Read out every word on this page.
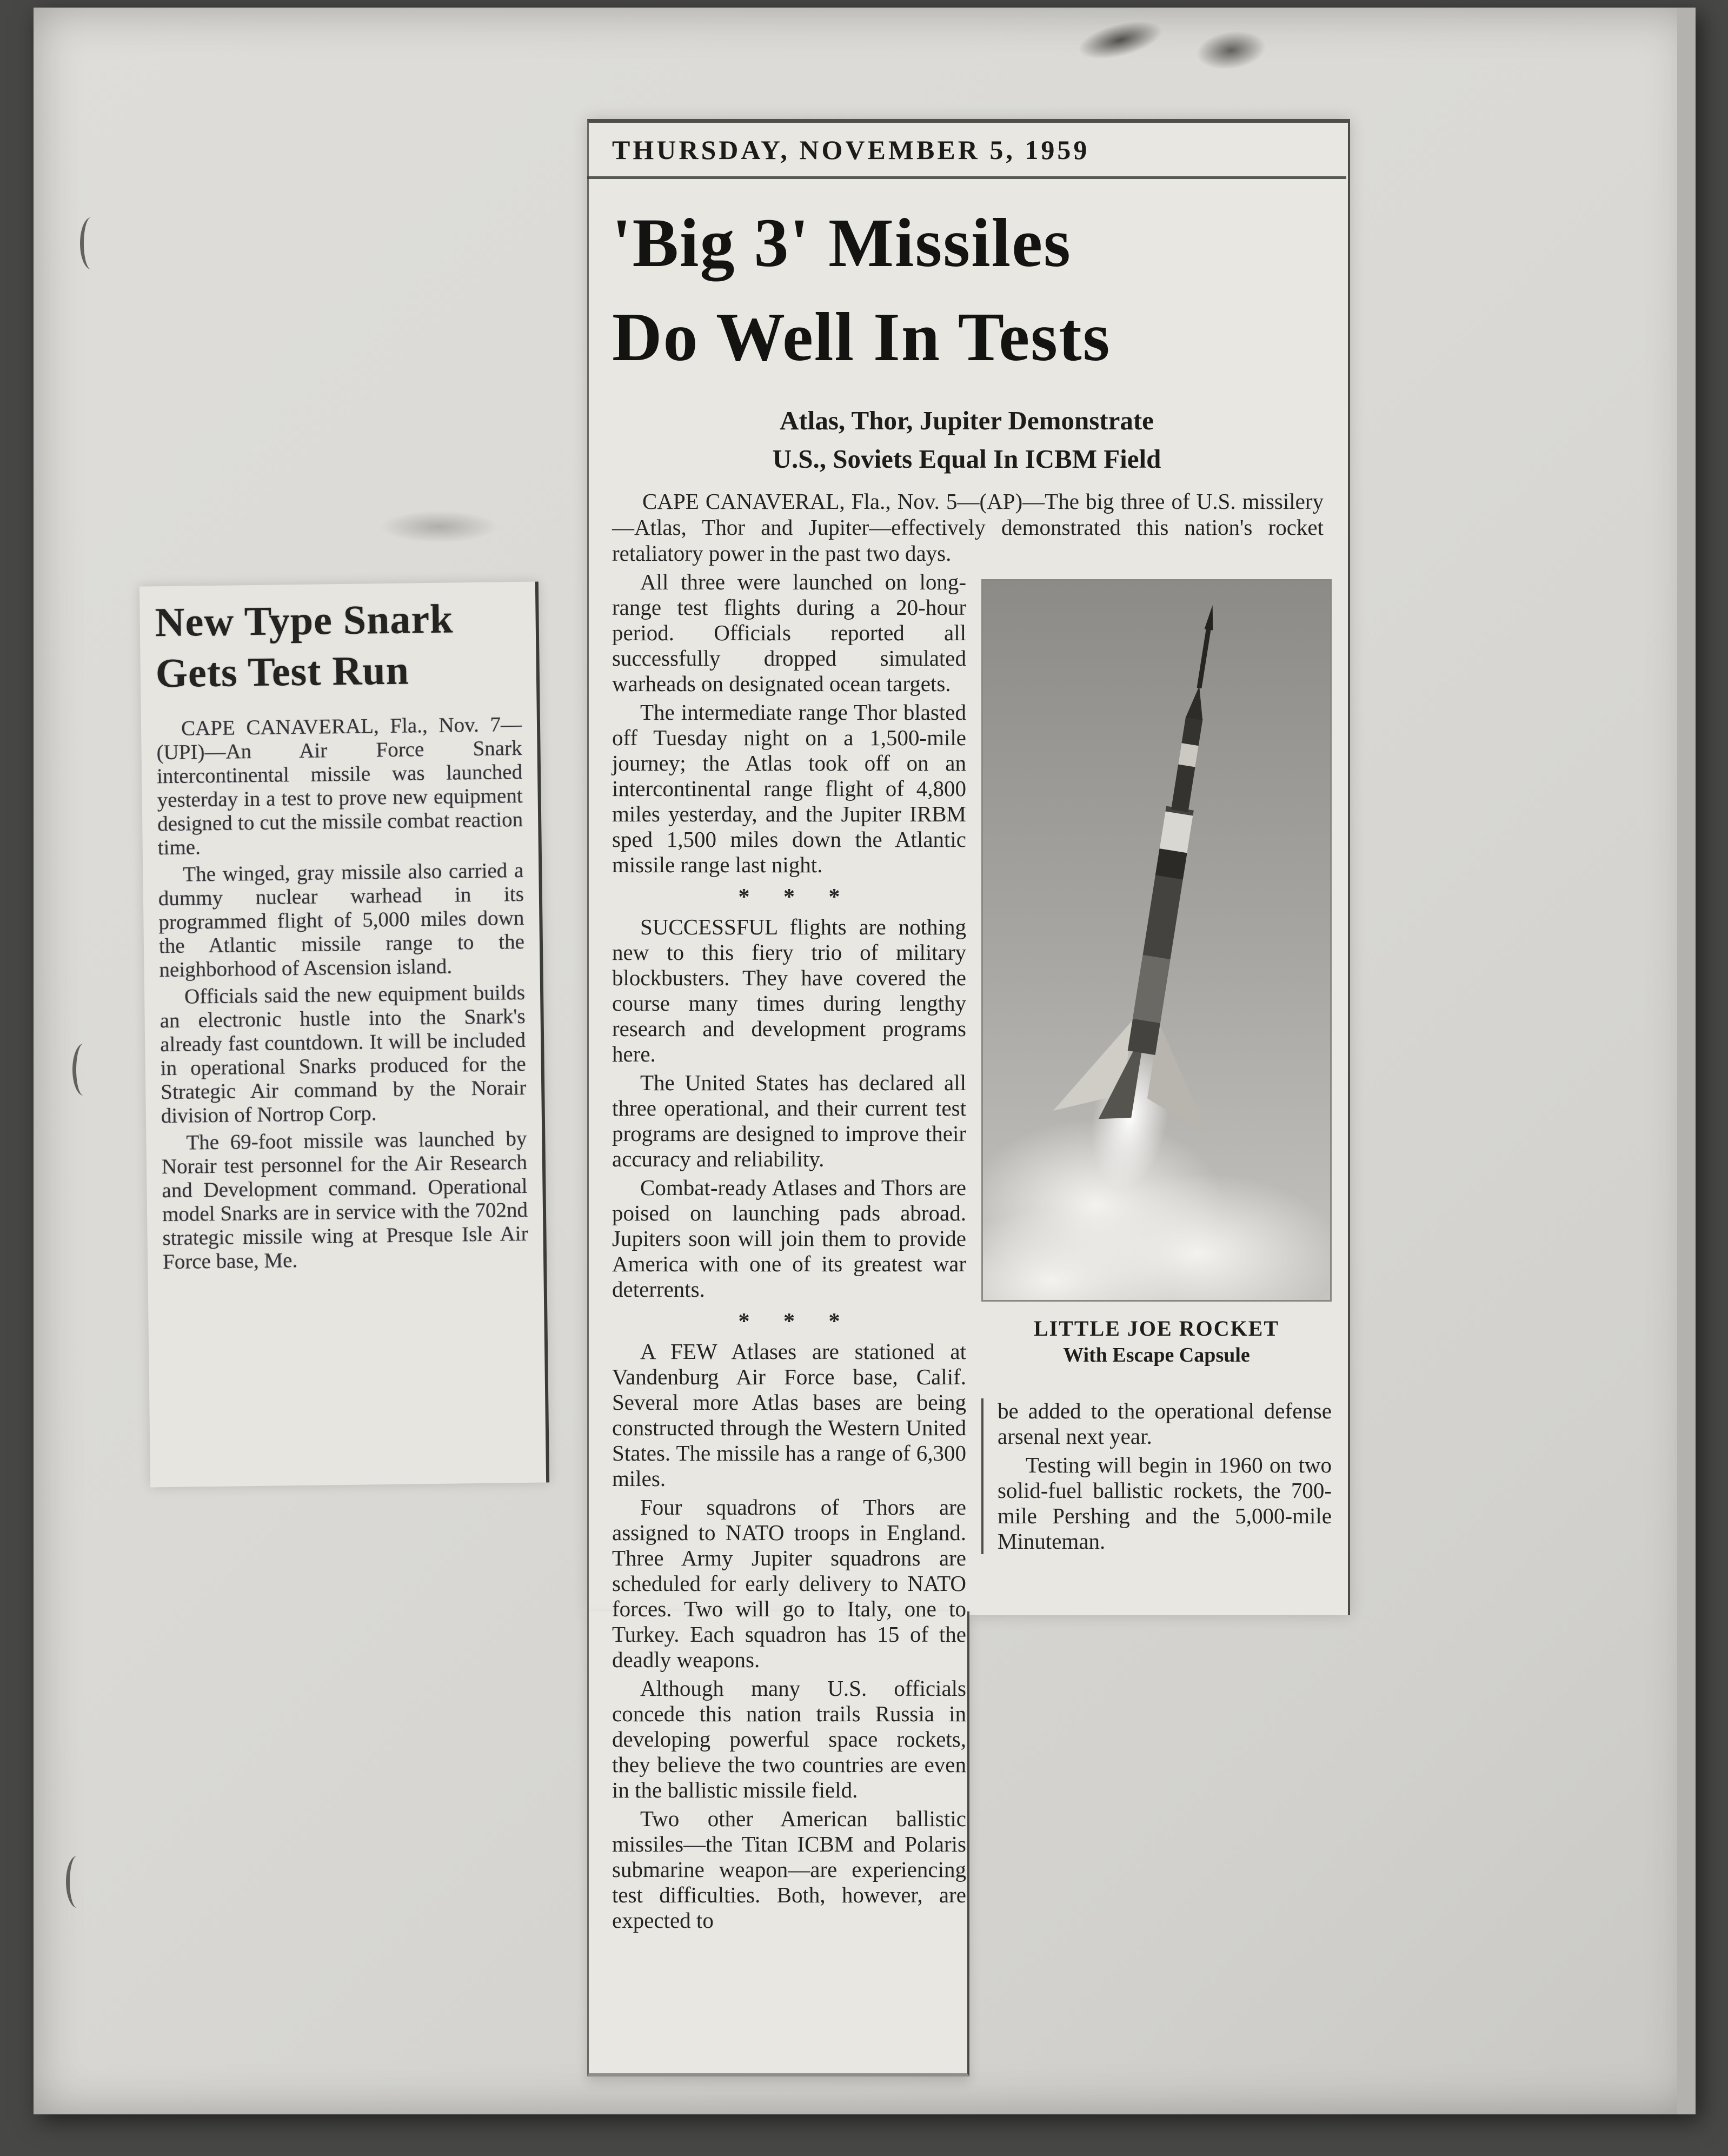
THURSDAY, NOVEMBER 5, 1959
'Big 3' Missiles
Do Well In Tests
Atlas, Thor, Jupiter Demonstrate
U.S., Soviets Equal In ICBM Field

CAPE CANAVERAL, Fla., Nov. 5—(AP)—The big three of U.S. missilery—Atlas, Thor and Jupiter—effectively demonstrated this nation's rocket retaliatory power in the past two days.

All three were launched on long-range test flights during a 20-hour period. Officials reported all successfully dropped simulated warheads on designated ocean targets.

The intermediate range Thor blasted off Tuesday night on a 1,500-mile journey; the Atlas took off on an intercontinental range flight of 4,800 miles yesterday, and the Jupiter IRBM sped 1,500 miles down the Atlantic missile range last night.

* * *

SUCCESSFUL flights are nothing new to this fiery trio of military blockbusters. They have covered the course many times during lengthy research and development programs here.

The United States has declared all three operational, and their current test programs are designed to improve their accuracy and reliability.

Combat-ready Atlases and Thors are poised on launching pads abroad. Jupiters soon will join them to provide America with one of its greatest war deterrents.

* * *

A FEW Atlases are stationed at Vandenburg Air Force base, Calif. Several more Atlas bases are being constructed through the Western United States. The missile has a range of 6,300 miles.

Four squadrons of Thors are assigned to NATO troops in England. Three Army Jupiter squadrons are scheduled for early delivery to NATO forces. Two will go to Italy, one to Turkey. Each squadron has 15 of the deadly weapons.

Although many U.S. officials concede this nation trails Russia in developing powerful space rockets, they believe the two countries are even in the ballistic missile field.

Two other American ballistic missiles—the Titan ICBM and Polaris submarine weapon—are experiencing test difficulties. Both, however, are expected to

LITTLE JOE ROCKET
With Escape Capsule

be added to the operational defense arsenal next year.

Testing will begin in 1960 on two solid-fuel ballistic rockets, the 700-mile Pershing and the 5,000-mile Minuteman.

New Type Snark
Gets Test Run

CAPE CANAVERAL, Fla., Nov. 7—(UPI)—An Air Force Snark intercontinental missile was launched yesterday in a test to prove new equipment designed to cut the missile combat reaction time.

The winged, gray missile also carried a dummy nuclear warhead in its programmed flight of 5,000 miles down the Atlantic missile range to the neighborhood of Ascension island.

Officials said the new equipment builds an electronic hustle into the Snark's already fast countdown. It will be included in operational Snarks produced for the Strategic Air command by the Norair division of Nortrop Corp.

The 69-foot missile was launched by Norair test personnel for the Air Research and Development command. Operational model Snarks are in service with the 702nd strategic missile wing at Presque Isle Air Force base, Me.
